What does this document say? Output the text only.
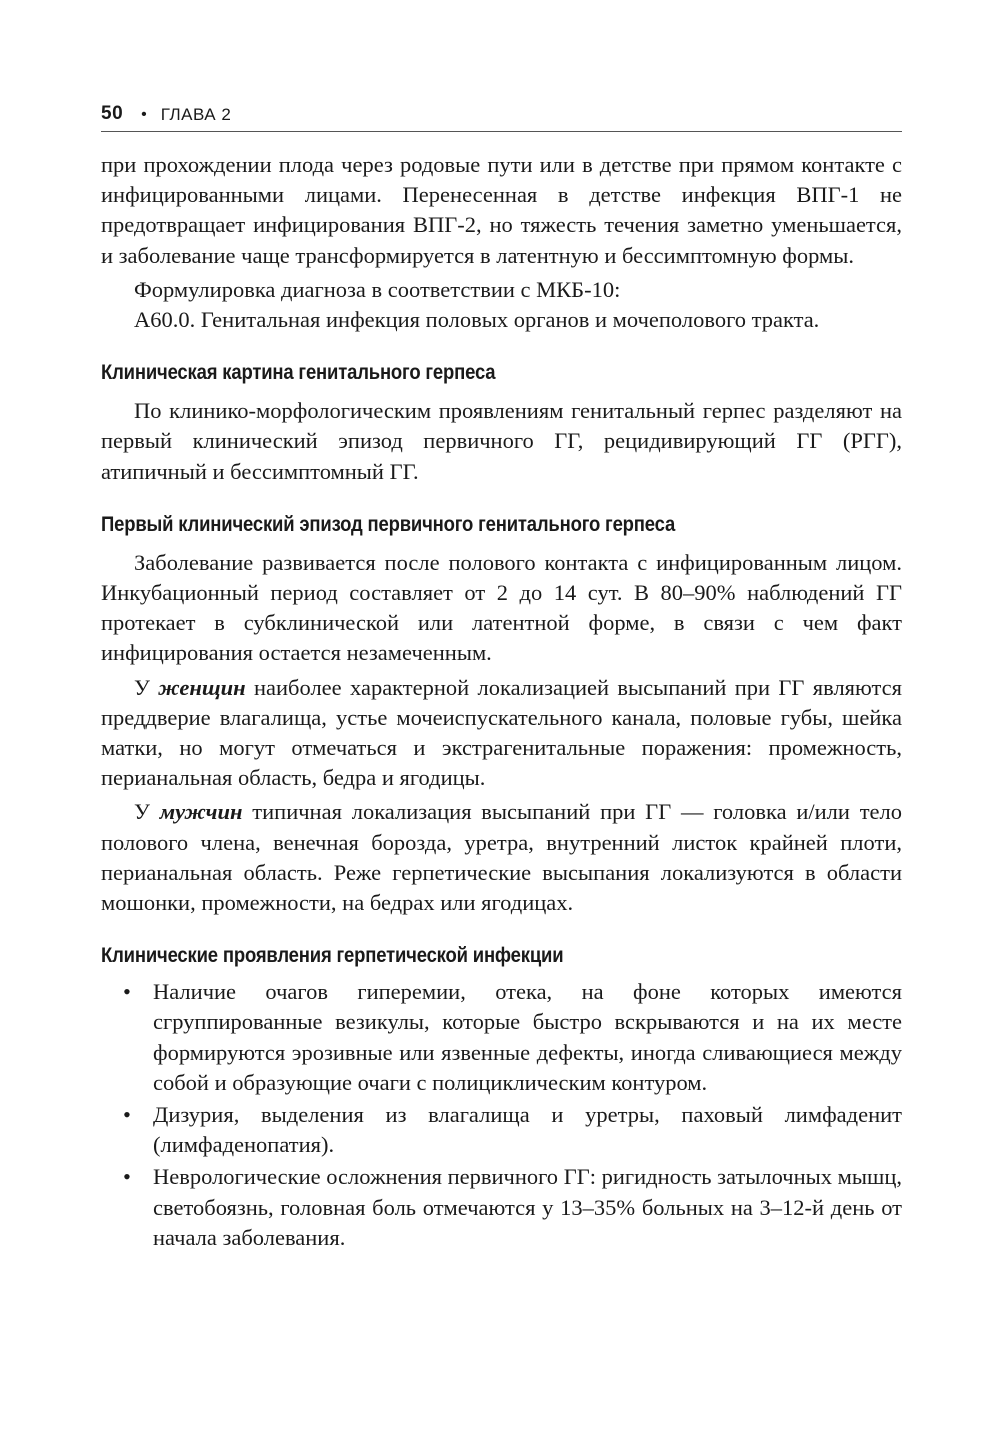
50 • ГЛАВА 2

при прохождении плода через родовые пути или в детстве при прямом контакте с инфицированными лицами. Перенесенная в детстве инфекция ВПГ-1 не предотвращает инфицирования ВПГ-2, но тяжесть течения заметно уменьшается, и заболевание чаще трансформируется в латентную и бессимптомную формы.

Формулировка диагноза в соответствии с МКБ-10:

А60.0. Генитальная инфекция половых органов и мочеполового тракта.

Клиническая картина генитального герпеса

По клинико-морфологическим проявлениям генитальный герпес разделяют на первый клинический эпизод первичного ГГ, рецидивирующий ГГ (РГГ), атипичный и бессимптомный ГГ.

Первый клинический эпизод первичного генитального герпеса

Заболевание развивается после полового контакта с инфицированным лицом. Инкубационный период составляет от 2 до 14 сут. В 80–90% наблюдений ГГ протекает в субклинической или латентной форме, в связи с чем факт инфицирования остается незамеченным.

У женщин наиболее характерной локализацией высыпаний при ГГ являются преддверие влагалища, устье мочеиспускательного канала, половые губы, шейка матки, но могут отмечаться и экстрагенитальные поражения: промежность, перианальная область, бедра и ягодицы.

У мужчин типичная локализация высыпаний при ГГ — головка и/или тело полового члена, венечная борозда, уретра, внутренний листок крайней плоти, перианальная область. Реже герпетические высыпания локализуются в области мошонки, промежности, на бедрах или ягодицах.

Клинические проявления герпетической инфекции
• Наличие очагов гиперемии, отека, на фоне которых имеются сгруппированные везикулы, которые быстро вскрываются и на их месте формируются эрозивные или язвенные дефекты, иногда сливающиеся между собой и образующие очаги с полициклическим контуром.

• Дизурия, выделения из влагалища и уретры, паховый лимфаденит (лимфаденопатия).

• Неврологические осложнения первичного ГГ: ригидность затылочных мышц, светобоязнь, головная боль отмечаются у 13–35% больных на 3–12-й день от начала заболевания.
